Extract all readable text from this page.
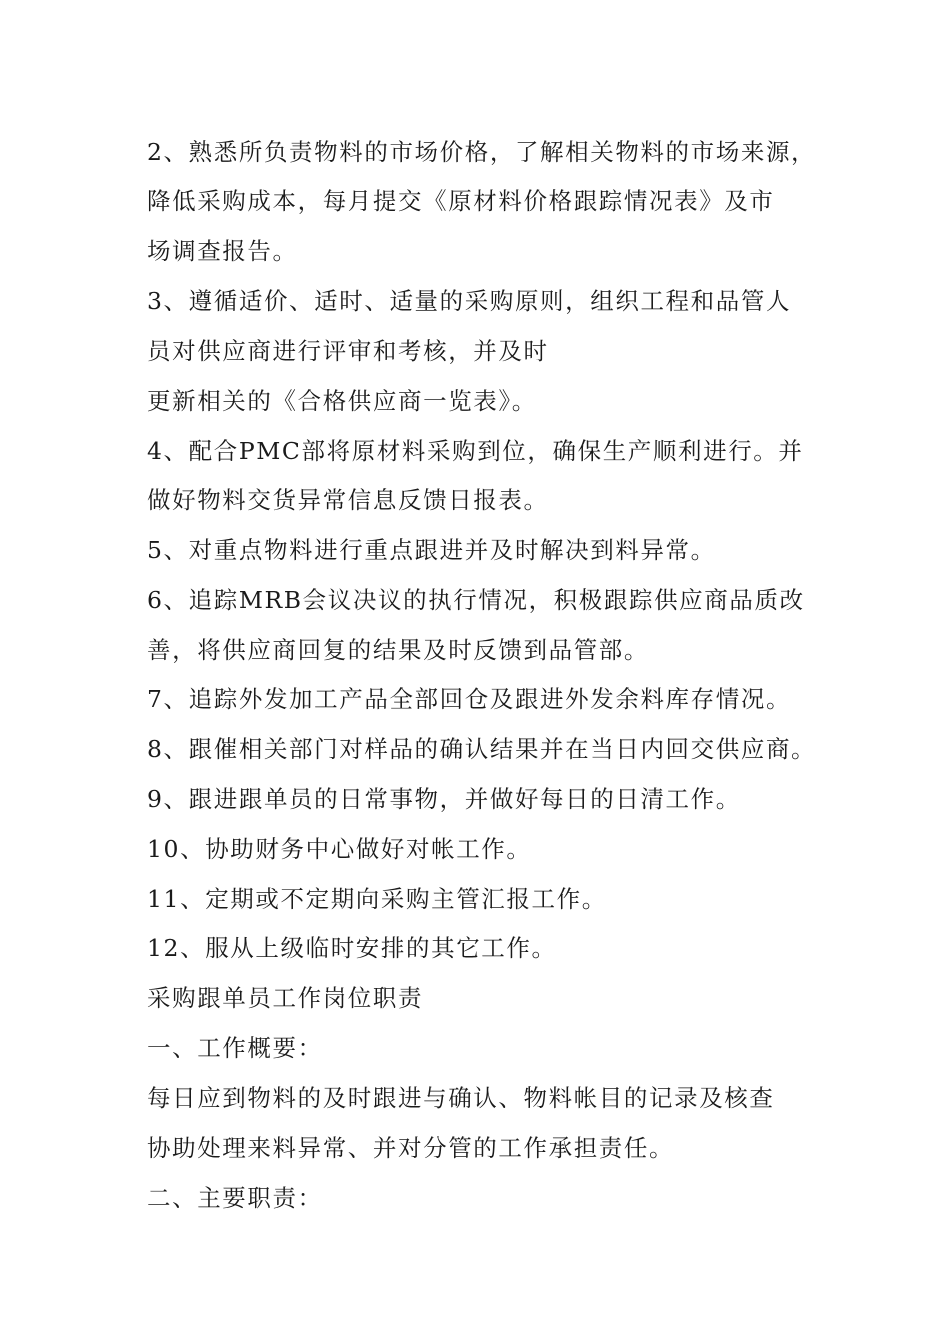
2、熟悉所负责物料的市场价格，了解相关物料的市场来源，
降低采购成本，每月提交《原材料价格跟踪情况表》及市
场调查报告。
3、遵循适价、适时、适量的采购原则，组织工程和品管人
员对供应商进行评审和考核，并及时
更新相关的《合格供应商一览表》。
4、配合PMC部将原材料采购到位，确保生产顺利进行。并
做好物料交货异常信息反馈日报表。
5、对重点物料进行重点跟进并及时解决到料异常。
6、追踪MRB会议决议的执行情况，积极跟踪供应商品质改
善，将供应商回复的结果及时反馈到品管部。
7、追踪外发加工产品全部回仓及跟进外发余料库存情况。
8、跟催相关部门对样品的确认结果并在当日内回交供应商。
9、跟进跟单员的日常事物，并做好每日的日清工作。
10、协助财务中心做好对帐工作。
11、定期或不定期向采购主管汇报工作。
12、服从上级临时安排的其它工作。
采购跟单员工作岗位职责
一、工作概要：
每日应到物料的及时跟进与确认、物料帐目的记录及核查
协助处理来料异常、并对分管的工作承担责任。
二、主要职责：
